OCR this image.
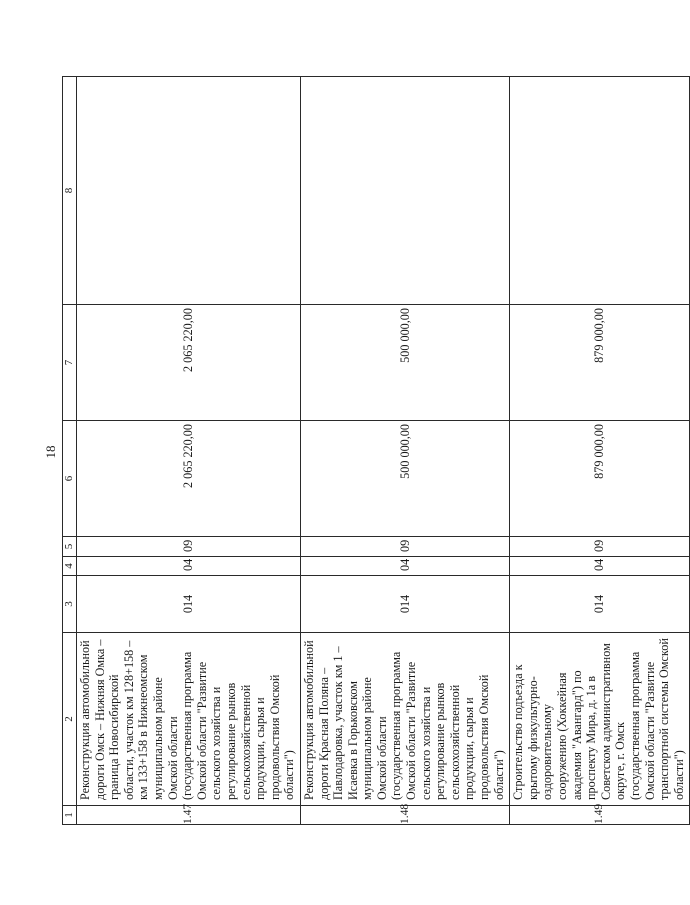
18
1	2	3	4	5	6	7	8
1.47	Реконструкция автомобильной дороги Омск – Нижняя Омка – граница Новосибирской области, участок км 128+158 – км 133+158 в Нижнеомском муниципальном районе Омской области (государственная программа Омской области "Развитие сельского хозяйства и регулирование рынков сельскохозяйственной продукции, сырья и продовольствия Омской области")	014	04	09	2 065 220,00	2 065 220,00	
1.48	Реконструкция автомобильной дороги Красная Поляна – Павлодаровка, участок км 1 – Исаевка в Горьковском муниципальном районе Омской области (государственная программа Омской области "Развитие сельского хозяйства и регулирование рынков сельскохозяйственной продукции, сырья и продовольствия Омской области")	014	04	09	500 000,00	500 000,00	
1.49	Строительство подъезда к крытому физкультурно-оздоровительному сооружению (Хоккейная академия "Авангард") по проспекту Мира, д. 1а в Советском административном округе, г. Омск (государственная программа Омской области "Развитие транспортной системы Омской области")	014	04	09	879 000,00	879 000,00	
